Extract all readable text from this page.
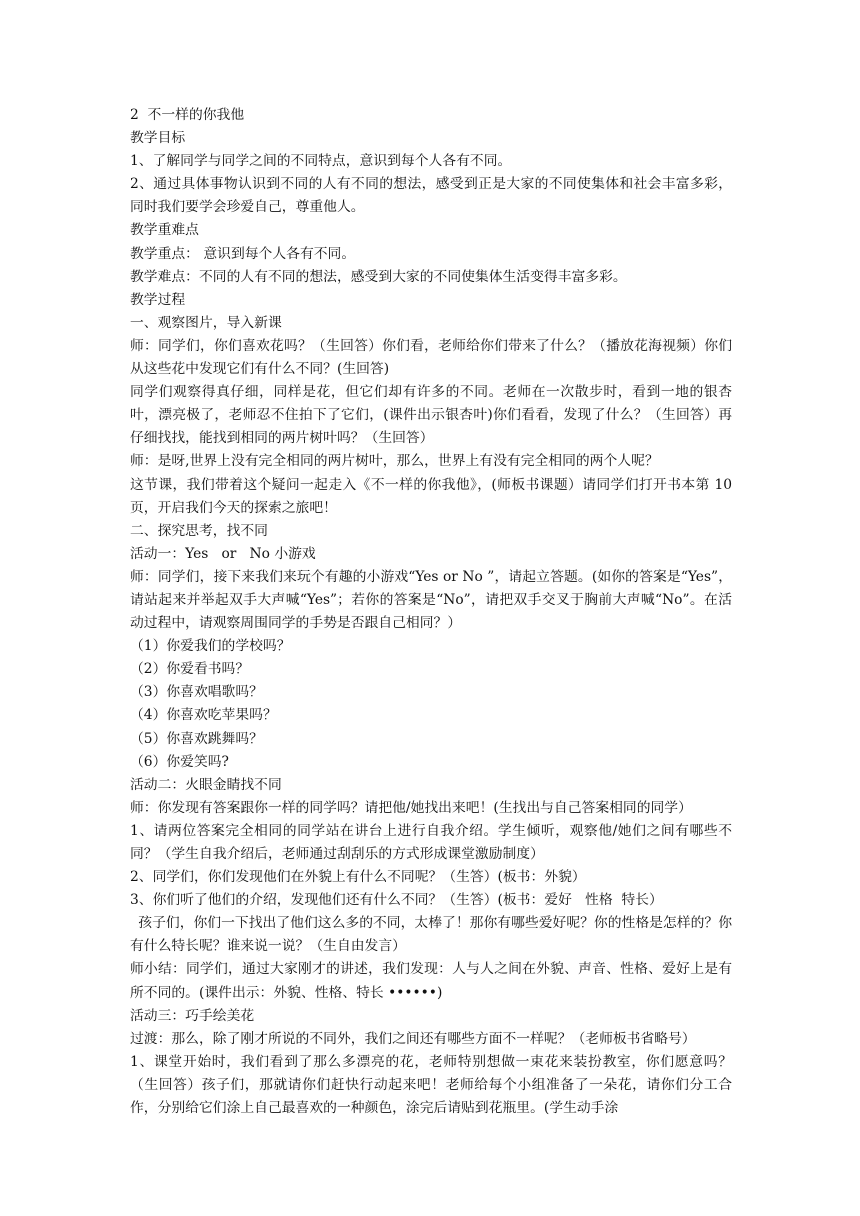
2  不一样的你我他
教学目标
1、了解同学与同学之间的不同特点，意识到每个人各有不同。
2、通过具体事物认识到不同的人有不同的想法，感受到正是大家的不同使集体和社会丰富多彩，同时我们要学会珍爱自己，尊重他人。
教学重难点
教学重点： 意识到每个人各有不同。
教学难点：不同的人有不同的想法，感受到大家的不同使集体生活变得丰富多彩。
教学过程
一、观察图片，导入新课
师：同学们，你们喜欢花吗？（生回答）你们看，老师给你们带来了什么？（播放花海视频）你们从这些花中发现它们有什么不同？(生回答)
同学们观察得真仔细，同样是花，但它们却有许多的不同。老师在一次散步时，看到一地的银杏叶，漂亮极了，老师忍不住拍下了它们，(课件出示银杏叶)你们看看，发现了什么？（生回答）再仔细找找，能找到相同的两片树叶吗？（生回答）
师：是呀,世界上没有完全相同的两片树叶，那么，世界上有没有完全相同的两个人呢？
这节课，我们带着这个疑问一起走入《不一样的你我他》，(师板书课题）请同学们打开书本第 10 页，开启我们今天的探索之旅吧！
二、探究思考，找不同
活动一：Yes   or   No 小游戏
师：同学们，接下来我们来玩个有趣的小游戏“Yes or No ”，请起立答题。(如你的答案是“Yes”，请站起来并举起双手大声喊“Yes”；若你的答案是“No”，请把双手交叉于胸前大声喊“No”。在活动过程中，请观察周围同学的手势是否跟自己相同？）
（1）你爱我们的学校吗？
（2）你爱看书吗？
（3）你喜欢唱歌吗？
（4）你喜欢吃苹果吗？
（5）你喜欢跳舞吗？
（6）你爱笑吗?
活动二：火眼金睛找不同
师：你发现有答案跟你一样的同学吗？请把他/她找出来吧！(生找出与自己答案相同的同学）
1、请两位答案完全相同的同学站在讲台上进行自我介绍。学生倾听，观察他/她们之间有哪些不同？（学生自我介绍后，老师通过刮刮乐的方式形成课堂激励制度）
2、同学们，你们发现他们在外貌上有什么不同呢？（生答）(板书：外貌）
3、你们听了他们的介绍，发现他们还有什么不同？（生答）(板书：爱好   性格  特长）
孩子们，你们一下找出了他们这么多的不同，太棒了！那你有哪些爱好呢？你的性格是怎样的？你有什么特长呢？谁来说一说？（生自由发言）
师小结：同学们，通过大家刚才的讲述，我们发现：人与人之间在外貌、声音、性格、爱好上是有所不同的。(课件出示：外貌、性格、特长 ••••••)
活动三：巧手绘美花
过渡：那么，除了刚才所说的不同外，我们之间还有哪些方面不一样呢？（老师板书省略号）
1、课堂开始时，我们看到了那么多漂亮的花，老师特别想做一束花来装扮教室，你们愿意吗？（生回答）孩子们，那就请你们赶快行动起来吧！老师给每个小组准备了一朵花，请你们分工合作，分别给它们涂上自己最喜欢的一种颜色，涂完后请贴到花瓶里。(学生动手涂
